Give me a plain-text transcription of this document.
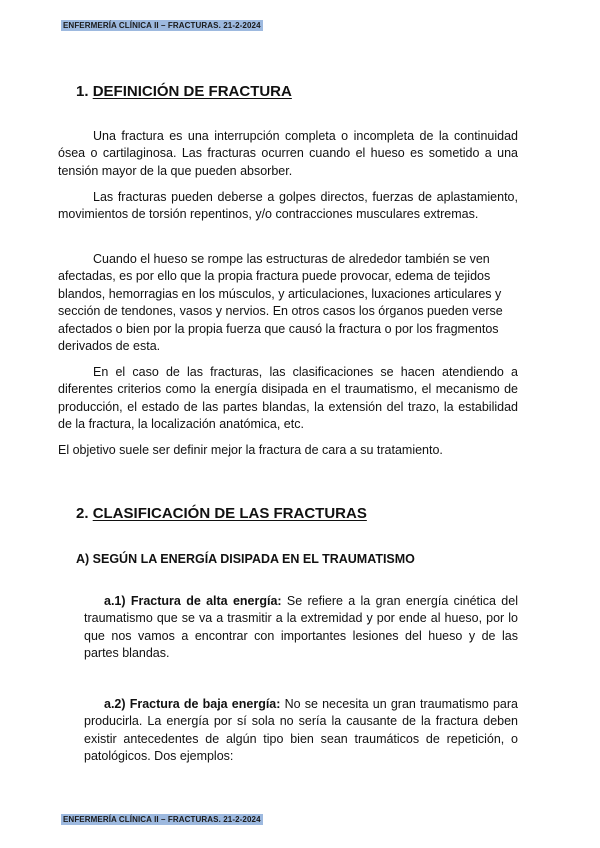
ENFERMERÍA CLÍNICA II – FRACTURAS. 21-2-2024
1. DEFINICIÓN DE FRACTURA

Una fractura es una interrupción completa o incompleta de la continuidad ósea o cartilaginosa. Las fracturas ocurren cuando el hueso es sometido a una tensión mayor de la que pueden absorber.

Las fracturas pueden deberse a golpes directos, fuerzas de aplastamiento, movimientos de torsión repentinos, y/o contracciones musculares extremas.

Cuando el hueso se rompe las estructuras de alrededor también se ven afectadas, es por ello que la propia fractura puede provocar, edema de tejidos blandos, hemorragias en los músculos, y articulaciones, luxaciones articulares y sección de tendones, vasos y nervios. En otros casos los órganos pueden verse afectados o bien por la propia fuerza que causó la fractura o por los fragmentos derivados de esta.

En el caso de las fracturas, las clasificaciones se hacen atendiendo a diferentes criterios como la energía disipada en el traumatismo, el mecanismo de producción, el estado de las partes blandas, la extensión del trazo, la estabilidad de la fractura, la localización anatómica, etc.

El objetivo suele ser definir mejor la fractura de cara a su tratamiento.

2. CLASIFICACIÓN DE LAS FRACTURAS
A) SEGÚN LA ENERGÍA DISIPADA EN EL TRAUMATISMO

a.1) Fractura de alta energía: Se refiere a la gran energía cinética del traumatismo que se va a trasmitir a la extremidad y por ende al hueso, por lo que nos vamos a encontrar con importantes lesiones del hueso y de las partes blandas.

a.2) Fractura de baja energía: No se necesita un gran traumatismo para producirla. La energía por sí sola no sería la causante de la fractura deben existir antecedentes de algún tipo bien sean traumáticos de repetición, o patológicos. Dos ejemplos:

ENFERMERÍA CLÍNICA II – FRACTURAS. 21-2-2024
